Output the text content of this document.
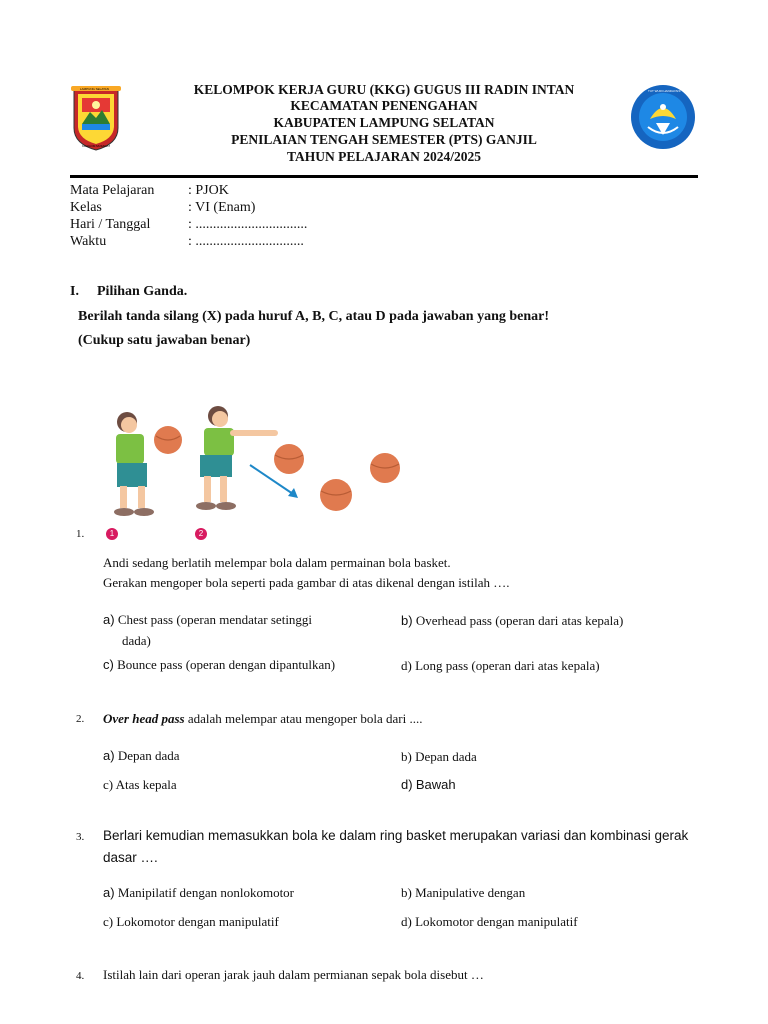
LAMPUNG SELATAN
KHAGOM MUFAKAT
TUT WURI HANDAYANI
KELOMPOK KERJA GURU (KKG) GUGUS III RADIN INTAN
KECAMATAN PENENGAHAN
KABUPATEN LAMPUNG SELATAN
PENILAIAN TENGAH SEMESTER (PTS) GANJIL
TAHUN PELAJARAN 2024/2025
Mata Pelajaran : PJOK
Kelas	: VI (Enam)
Hari / Tanggal	: ................................
Waktu	: ...............................
I. Pilihan Ganda.
Berilah tanda silang (X) pada huruf A, B, C, atau D pada jawaban yang benar!
(Cukup satu jawaban benar)
1	2
1.
Andi sedang berlatih melempar bola dalam permainan bola basket.
Gerakan mengoper bola seperti pada gambar di atas dikenal dengan istilah ….
a) Chest pass (operan mendatar setinggi
dada)
b) Overhead pass (operan dari atas kepala)
c) Bounce pass (operan dengan dipantulkan)	d) Long pass (operan dari atas kepala)
2. Over head pass adalah melempar atau mengoper bola dari ....
a) Depan dada	b) Depan dada
c) Atas kepala	d) Bawah
3. Berlari kemudian memasukkan bola ke dalam ring basket merupakan variasi dan kombinasi gerak
dasar ….
a) Manipilatif dengan nonlokomotor	b) Manipulative dengan
c) Lokomotor dengan manipulatif	d) Lokomotor dengan manipulatif
4. Istilah lain dari operan jarak jauh dalam permianan sepak bola disebut …
